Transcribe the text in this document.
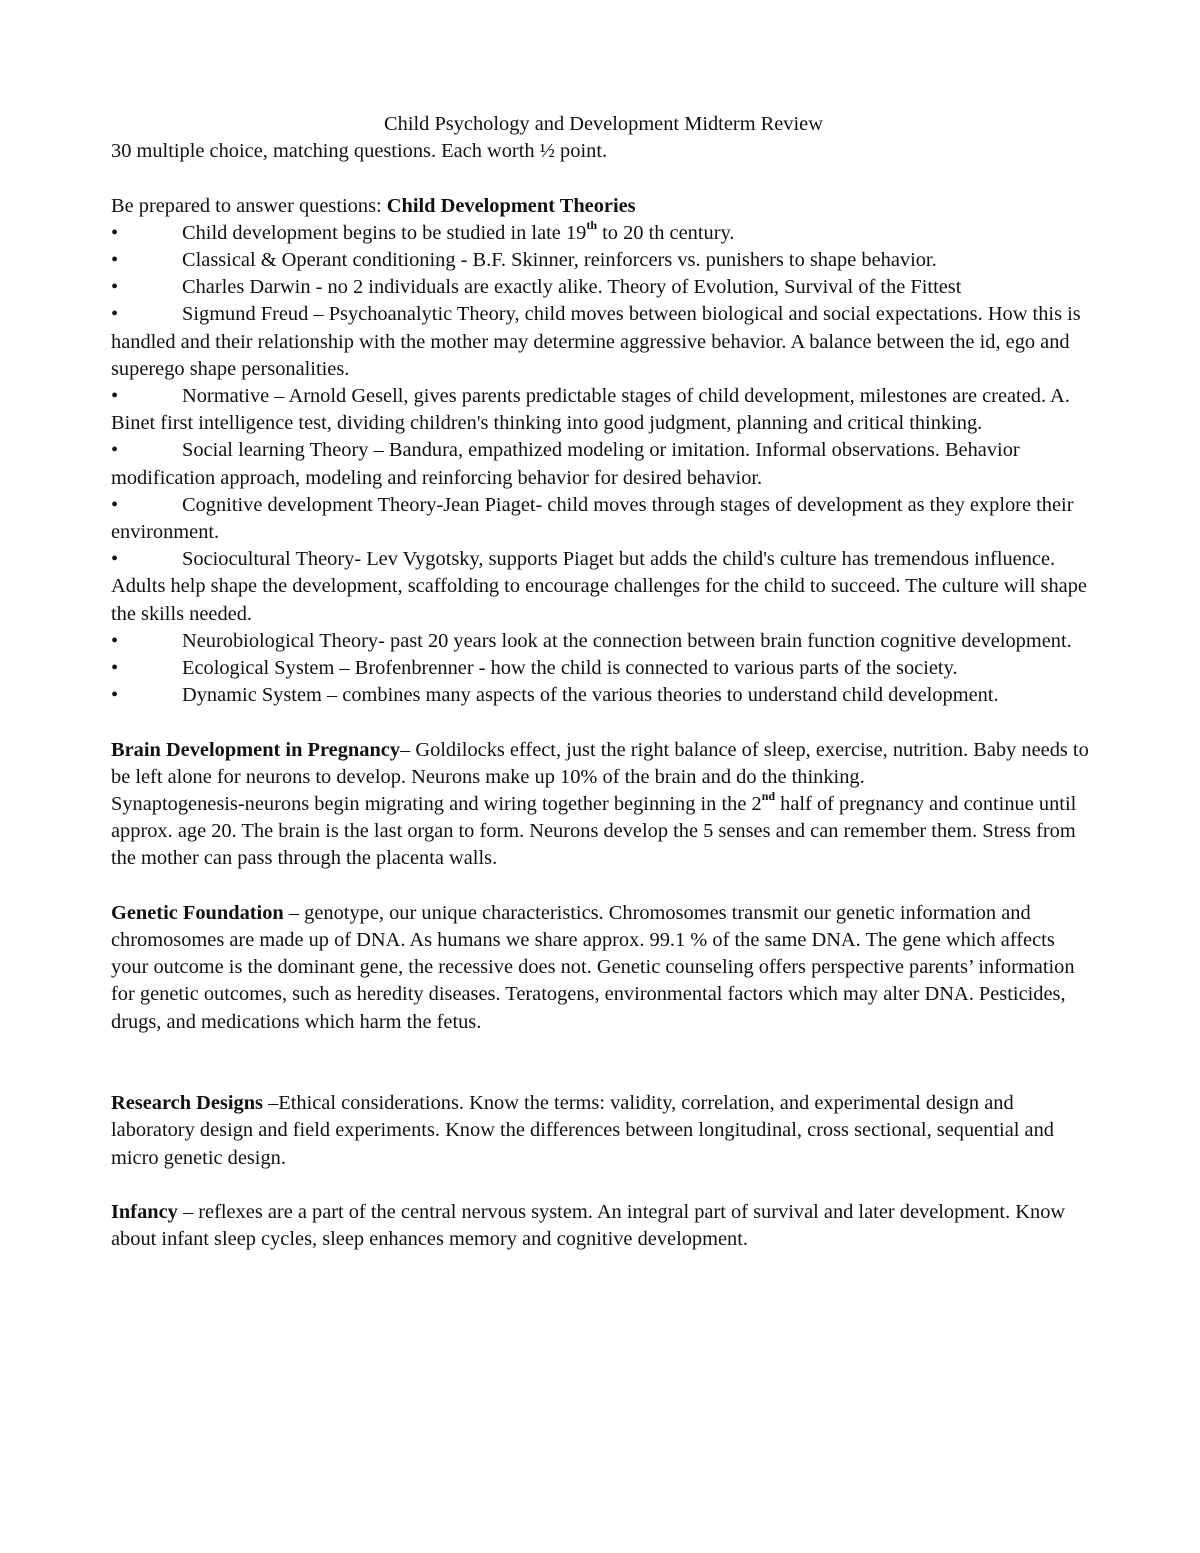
Child Psychology and Development Midterm Review

30 multiple choice, matching questions. Each worth ½ point.

Be prepared to answer questions: Child Development Theories

•	Child development begins to be studied in late 19th to 20 th century.

•	Classical & Operant conditioning - B.F. Skinner, reinforcers vs. punishers to shape behavior.

•	Charles Darwin - no 2 individuals are exactly alike. Theory of Evolution, Survival of the Fittest

•	Sigmund Freud – Psychoanalytic Theory, child moves between biological and social expectations. How this is handled and their relationship with the mother may determine aggressive behavior. A balance between the id, ego and superego shape personalities.

•	Normative – Arnold Gesell, gives parents predictable stages of child development, milestones are created. A. Binet first intelligence test, dividing children's thinking into good judgment, planning and critical thinking.

•	Social learning Theory – Bandura, empathized modeling or imitation. Informal observations. Behavior modification approach, modeling and reinforcing behavior for desired behavior.

•	Cognitive development Theory-Jean Piaget- child moves through stages of development as they explore their environment.

•	Sociocultural Theory- Lev Vygotsky, supports Piaget but adds the child's culture has tremendous influence. Adults help shape the development, scaffolding to encourage challenges for the child to succeed. The culture will shape the skills needed.

•	Neurobiological Theory- past 20 years look at the connection between brain function cognitive development.

•	Ecological System – Brofenbrenner - how the child is connected to various parts of the society.

•	Dynamic System – combines many aspects of the various theories to understand child development.

Brain Development in Pregnancy– Goldilocks effect, just the right balance of sleep, exercise, nutrition. Baby needs to be left alone for neurons to develop. Neurons make up 10% of the brain and do the thinking.

Synaptogenesis-neurons begin migrating and wiring together beginning in the 2nd half of pregnancy and continue until approx. age 20. The brain is the last organ to form. Neurons develop the 5 senses and can remember them. Stress from the mother can pass through the placenta walls.

Genetic Foundation – genotype, our unique characteristics. Chromosomes transmit our genetic information and chromosomes are made up of DNA. As humans we share approx. 99.1 % of the same DNA. The gene which affects your outcome is the dominant gene, the recessive does not. Genetic counseling offers perspective parents’ information for genetic outcomes, such as heredity diseases. Teratogens, environmental factors which may alter DNA. Pesticides, drugs, and medications which harm the fetus.

Research Designs –Ethical considerations. Know the terms: validity, correlation, and experimental design and laboratory design and field experiments. Know the differences between longitudinal, cross sectional, sequential and micro genetic design.

Infancy – reflexes are a part of the central nervous system. An integral part of survival and later development. Know about infant sleep cycles, sleep enhances memory and cognitive development.
